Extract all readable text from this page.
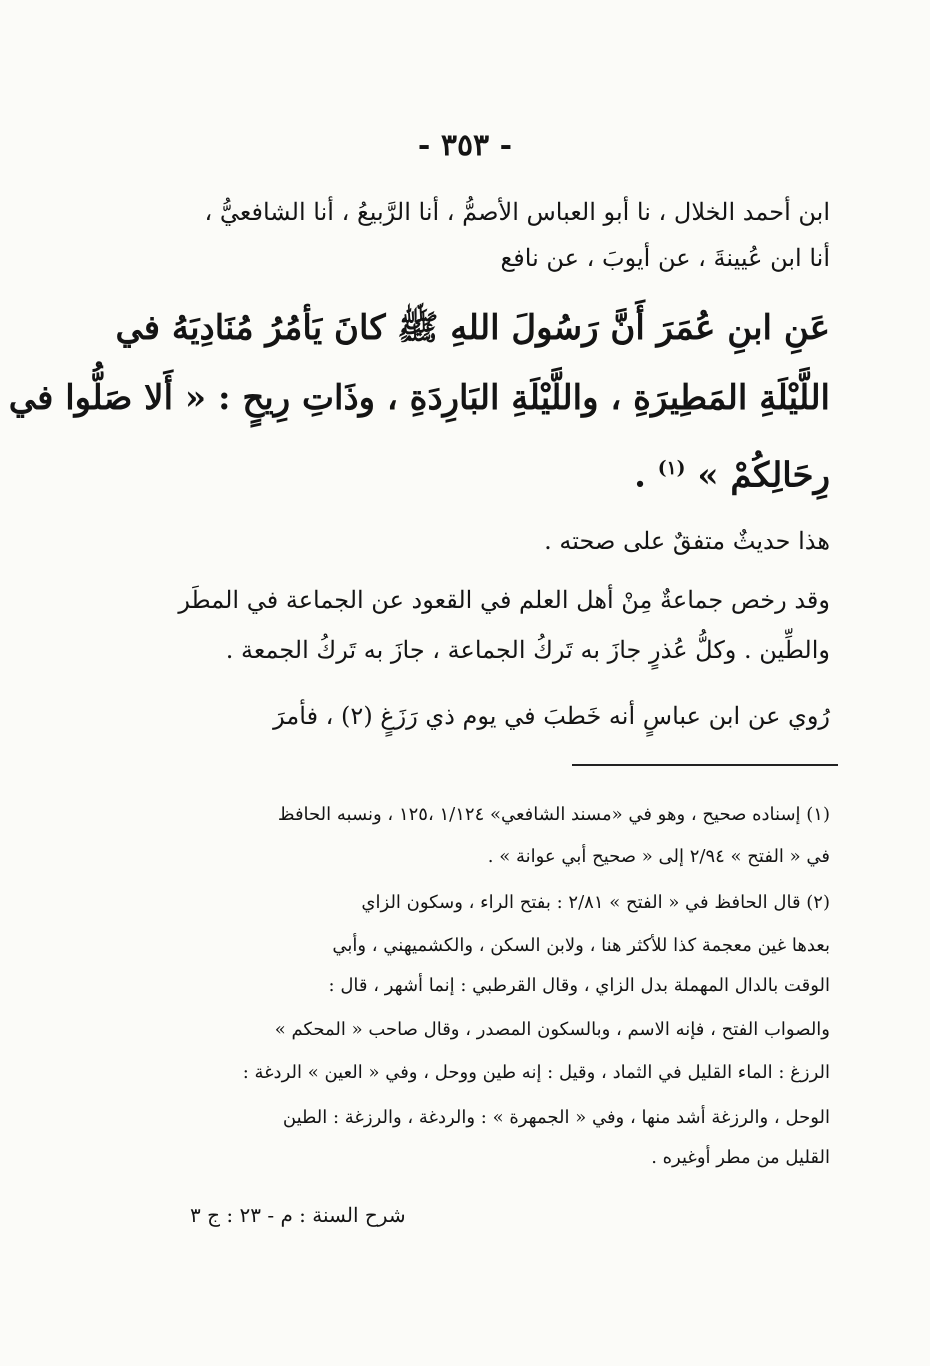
- ٣٥٣ -
ابن أحمد الخلال ، نا أبو العباس الأصمُّ ، أنا الرَّبيعُ ، أنا الشافعيُّ ،
أنا ابن عُيينةَ ، عن أيوبَ ، عن نافع
عَنِ ابنِ عُمَرَ أَنَّ رَسُولَ اللهِ ﷺ كانَ يَأمُرُ مُنَادِيَهُ في
اللَّيْلَةِ المَطِيرَةِ ، واللَّيْلَةِ البَارِدَةِ ، وذَاتِ رِيحٍ : « أَلا صَلُّوا في
رِحَالِكُمْ » $^{(١)}$ .
هذا حديثٌ متفقٌ على صحته .
وقد رخص جماعةٌ مِنْ أهل العلم في القعود عن الجماعة في المطَر
والطِّين . وكلُّ عُذرٍ جازَ به تَركُ الجماعة ، جازَ به تَركُ الجمعة .
رُوي عن ابن عباسٍ أنه خَطبَ في يوم ذي رَزَغٍ (٢) ، فأمرَ
(١) إسناده صحيح ، وهو في «مسند الشافعي» ١/١٢٤ ،١٢٥ ، ونسبه الحافظ
في « الفتح » ٢/٩٤ إلى « صحيح أبي عوانة » .
(٢) قال الحافظ في « الفتح » ٢/٨١ : بفتح الراء ، وسكون الزاي
بعدها غين معجمة كذا للأكثر هنا ، ولابن السكن ، والكشميهني ، وأبي
الوقت بالدال المهملة بدل الزاي ، وقال القرطبي : إنما أشهر ، قال :
والصواب الفتح ، فإنه الاسم ، وبالسكون المصدر ، وقال صاحب « المحكم »
الرزغ : الماء القليل في الثماد ، وقيل : إنه طين ووحل ، وفي « العين » الردغة :
الوحل ، والرزغة أشد منها ، وفي « الجمهرة » : والردغة ، والرزغة : الطين
القليل من مطر أوغيره .
شرح السنة : م - ٢٣ : ج ٣
